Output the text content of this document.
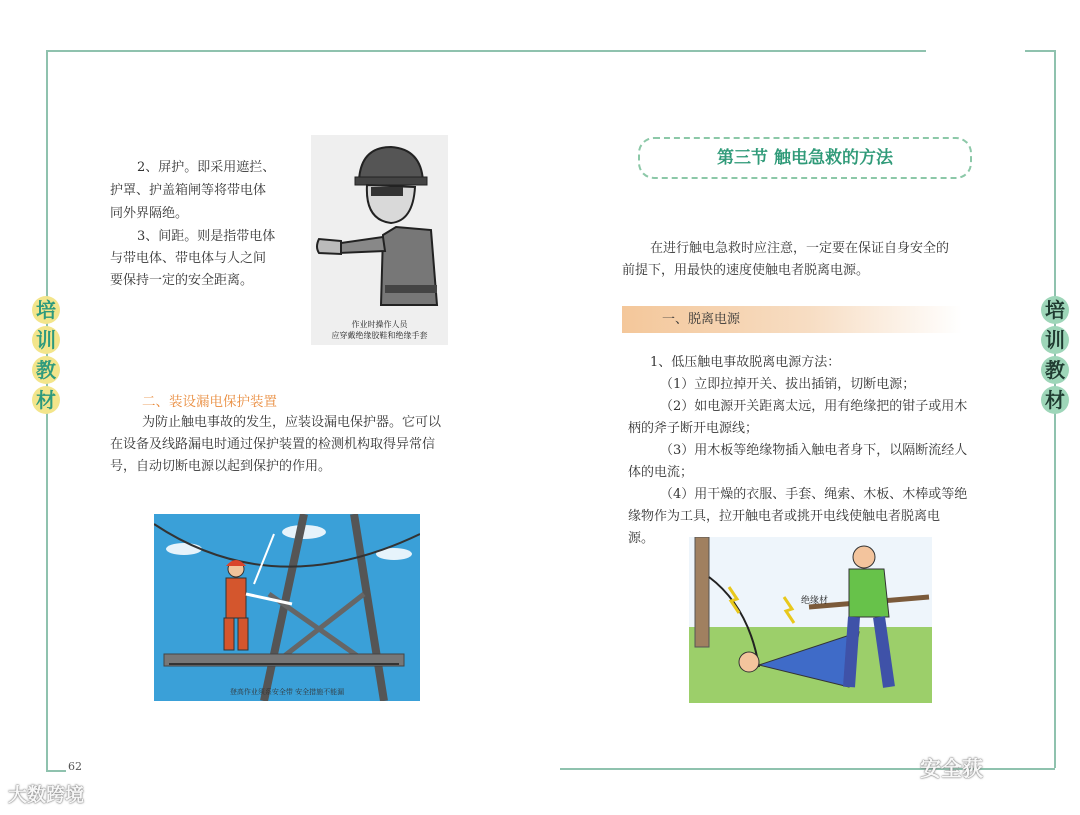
培
训
教
材
培
训
教
材

2、屏护。即采用遮拦、

护罩、护盖箱闸等将带电体

同外界隔绝。

3、间距。则是指带电体

与带电体、带电体与人之间

要保持一定的安全距离。

作业时操作人员
应穿戴绝缘胶鞋和绝缘手套
二、装设漏电保护装置

为防止触电事故的发生，应装设漏电保护器。它可以

在设备及线路漏电时通过保护装置的检测机构取得异常信

号，自动切断电源以起到保护的作用。

登高作业须系安全带 安全措施不能漏
62
第三节 触电急救的方法

在进行触电急救时应注意，一定要在保证自身安全的

前提下，用最快的速度使触电者脱离电源。

一、脱离电源

1、低压触电事故脱离电源方法：

（1）立即拉掉开关、拔出插销，切断电源；

（2）如电源开关距离太远，用有绝缘把的钳子或用木

柄的斧子断开电源线；

（3）用木板等绝缘物插入触电者身下，以隔断流经人

体的电流；

（4）用干燥的衣服、手套、绳索、木板、木棒或等绝

缘物作为工具，拉开触电者或挑开电线使触电者脱离电

源。

绝缘材
大数跨境
安全荻
